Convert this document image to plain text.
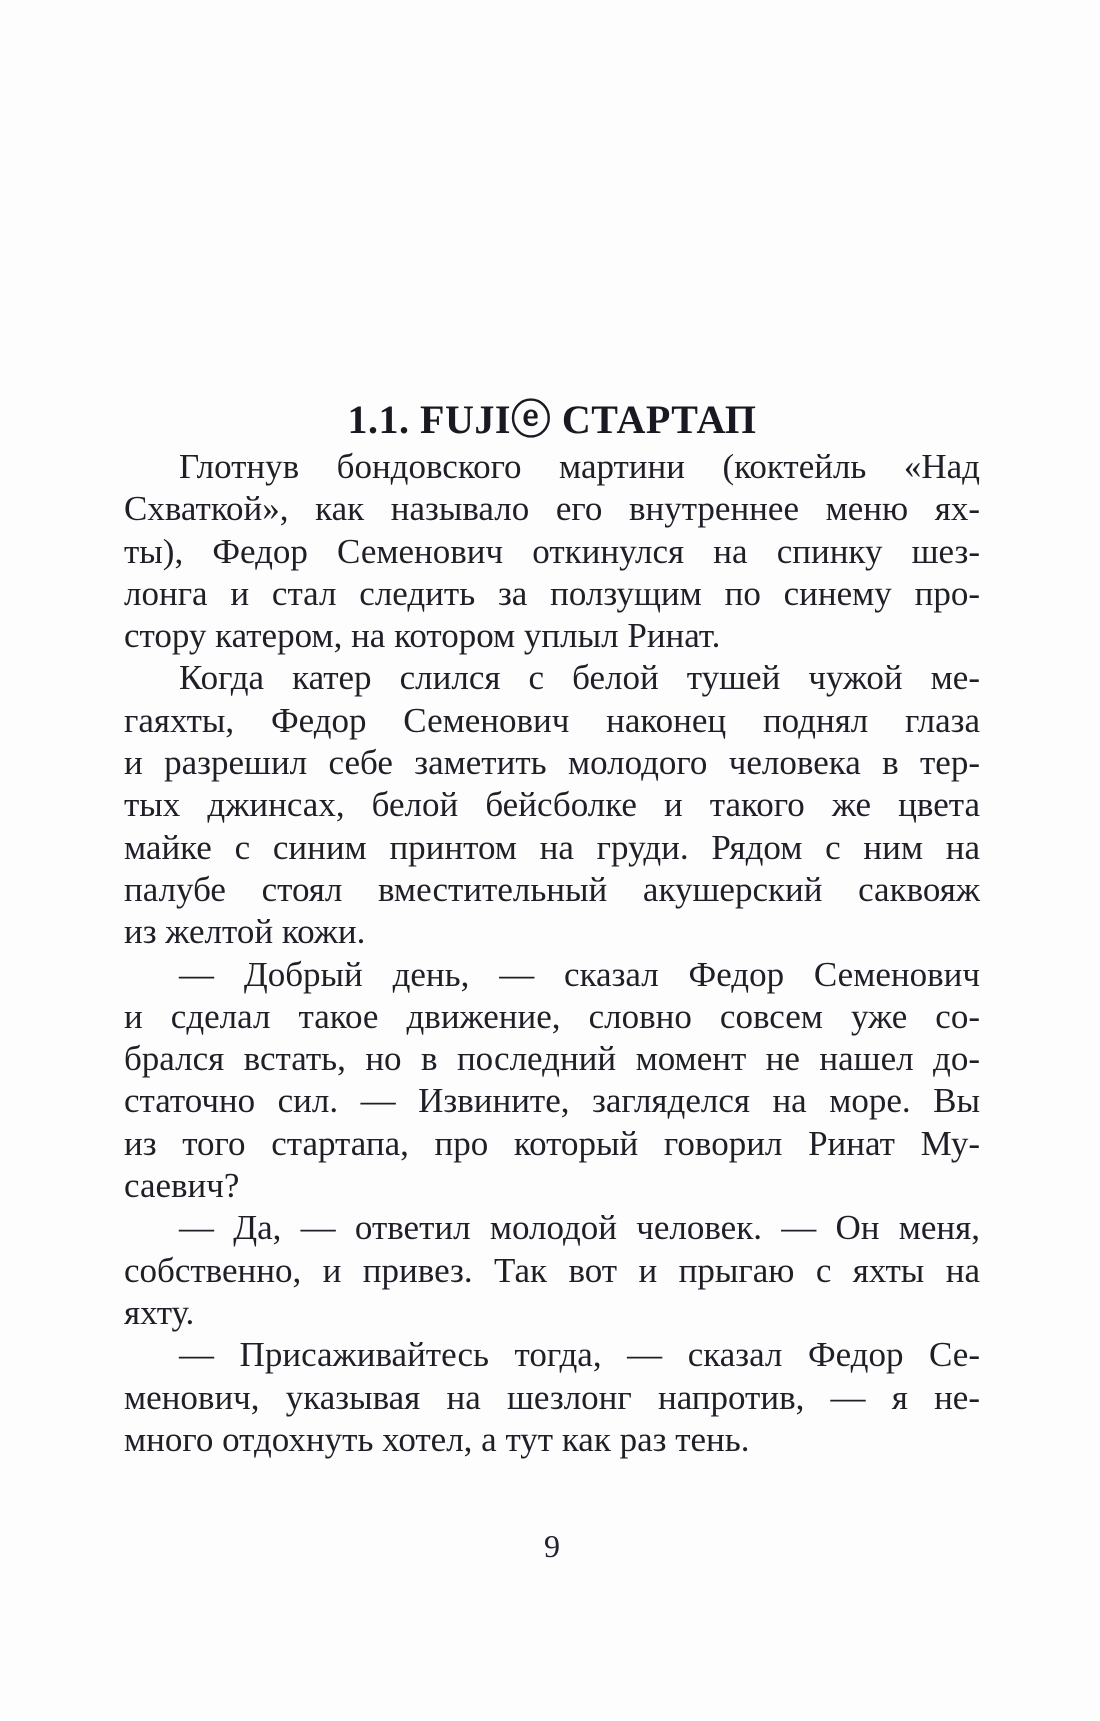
1.1. FUJIⓔ СТАРТАП
Глотнув бондовского мартини (коктейль «Над
Схваткой», как называло его внутреннее меню ях-
ты), Федор Семенович откинулся на спинку шез-
лонга и стал следить за ползущим по синему про-
стору катером, на котором уплыл Ринат.
Когда катер слился с белой тушей чужой ме-
гаяхты, Федор Семенович наконец поднял глаза
и разрешил себе заметить молодого человека в тер-
тых джинсах, белой бейсболке и такого же цвета
майке с синим принтом на груди. Рядом с ним на
палубе стоял вместительный акушерский саквояж
из желтой кожи.
— Добрый день, — сказал Федор Семенович
и сделал такое движение, словно совсем уже со-
брался встать, но в последний момент не нашел до-
статочно сил. — Извините, загляделся на море. Вы
из того стартапа, про который говорил Ринат Му-
саевич?
— Да, — ответил молодой человек. — Он меня,
собственно, и привез. Так вот и прыгаю с яхты на
яхту.
— Присаживайтесь тогда, — сказал Федор Се-
менович, указывая на шезлонг напротив, — я не-
много отдохнуть хотел, а тут как раз тень.
9
